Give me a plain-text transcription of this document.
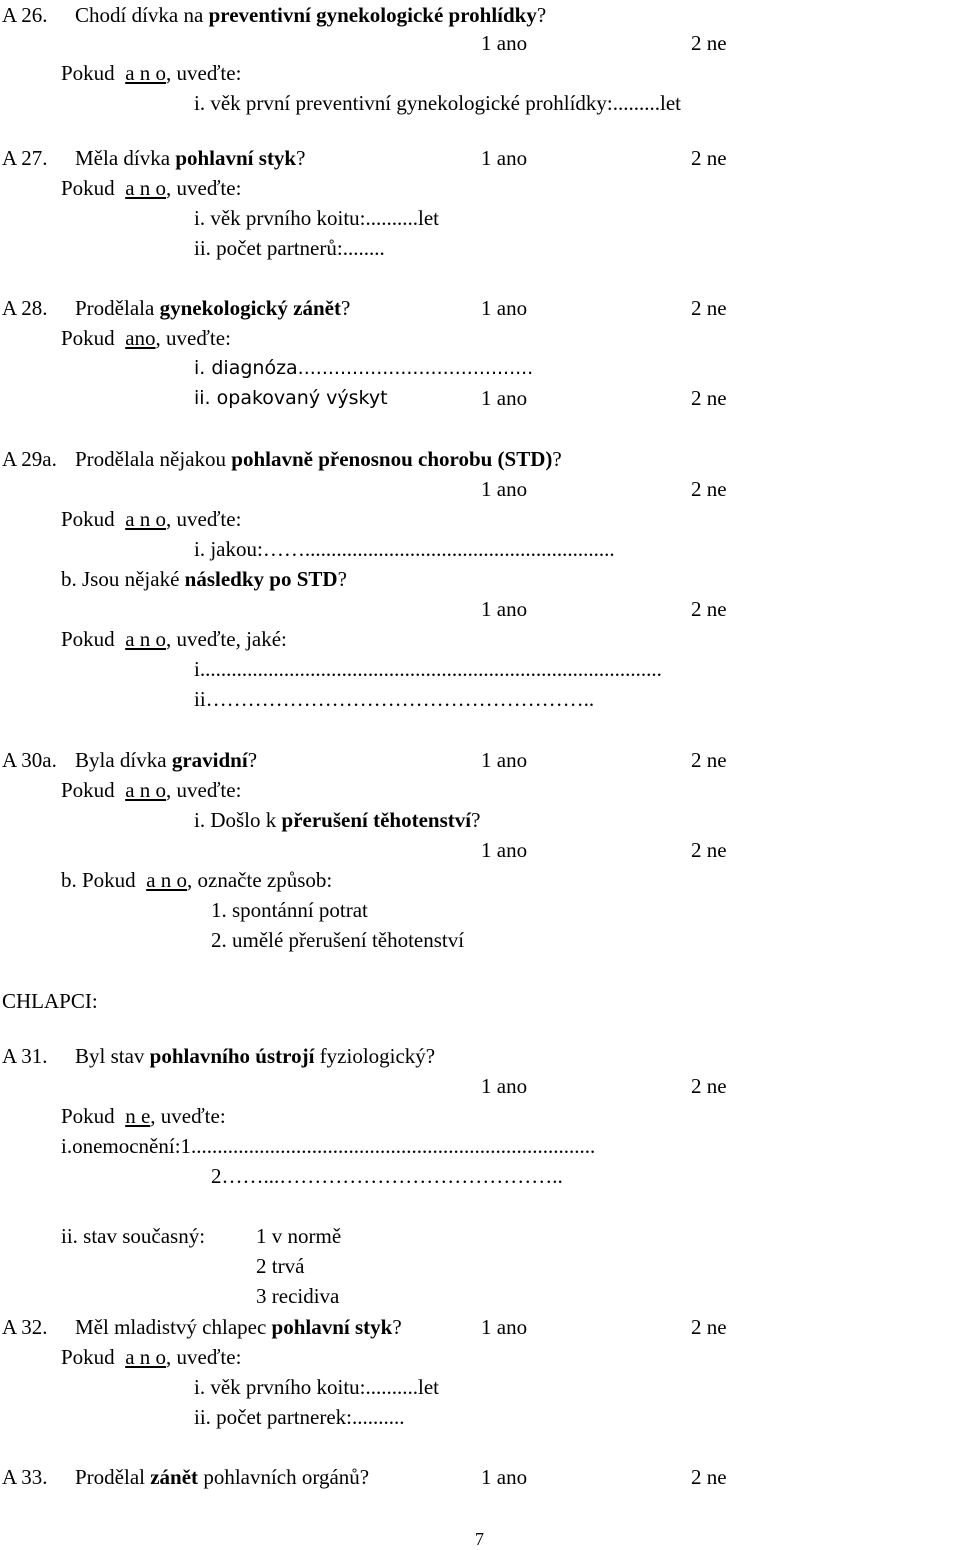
A 26. Chodí dívka na preventivní gynekologické prohlídky?
1 ano	2 ne
Pokud a n o, uveďte:
i. věk první preventivní gynekologické prohlídky:.........let
A 27. Měla dívka pohlavní styk?	1 ano	2 ne
Pokud a n o, uveďte:
i. věk prvního koitu:..........let
ii. počet partnerů:........
A 28. Prodělala gynekologický zánět?	1 ano	2 ne
Pokud ano, uveďte:
i. diagnóza.......................................
ii. opakovaný výskyt	1 ano	2 ne
A 29a. Prodělala nějakou pohlavně přenosnou chorobu (STD)?
1 ano	2 ne
Pokud a n o, uveďte:
i. jakou:……...........................................................
b. Jsou nějaké následky po STD?
1 ano	2 ne
Pokud a n o, uveďte, jaké:
i........................................................................................
ii………………………………………………..
A 30a. Byla dívka gravidní?	1 ano	2 ne
Pokud a n o, uveďte:
i. Došlo k přerušení těhotenství?
1 ano	2 ne
b. Pokud a n o, označte způsob:
1. spontánní potrat
2. umělé přerušení těhotenství
CHLAPCI:
A 31. Byl stav pohlavního ústrojí fyziologický?
1 ano	2 ne
Pokud n e, uveďte:
i.onemocnění:1.............................................................................
2……...…………………………………..
ii. stav současný: 1 v normě
2 trvá
3 recidiva
A 32. Měl mladistvý chlapec pohlavní styk?	1 ano	2 ne
Pokud a n o, uveďte:
i. věk prvního koitu:..........let
ii. počet partnerek:..........
A 33. Prodělal zánět pohlavních orgánů?	1 ano	2 ne
7
